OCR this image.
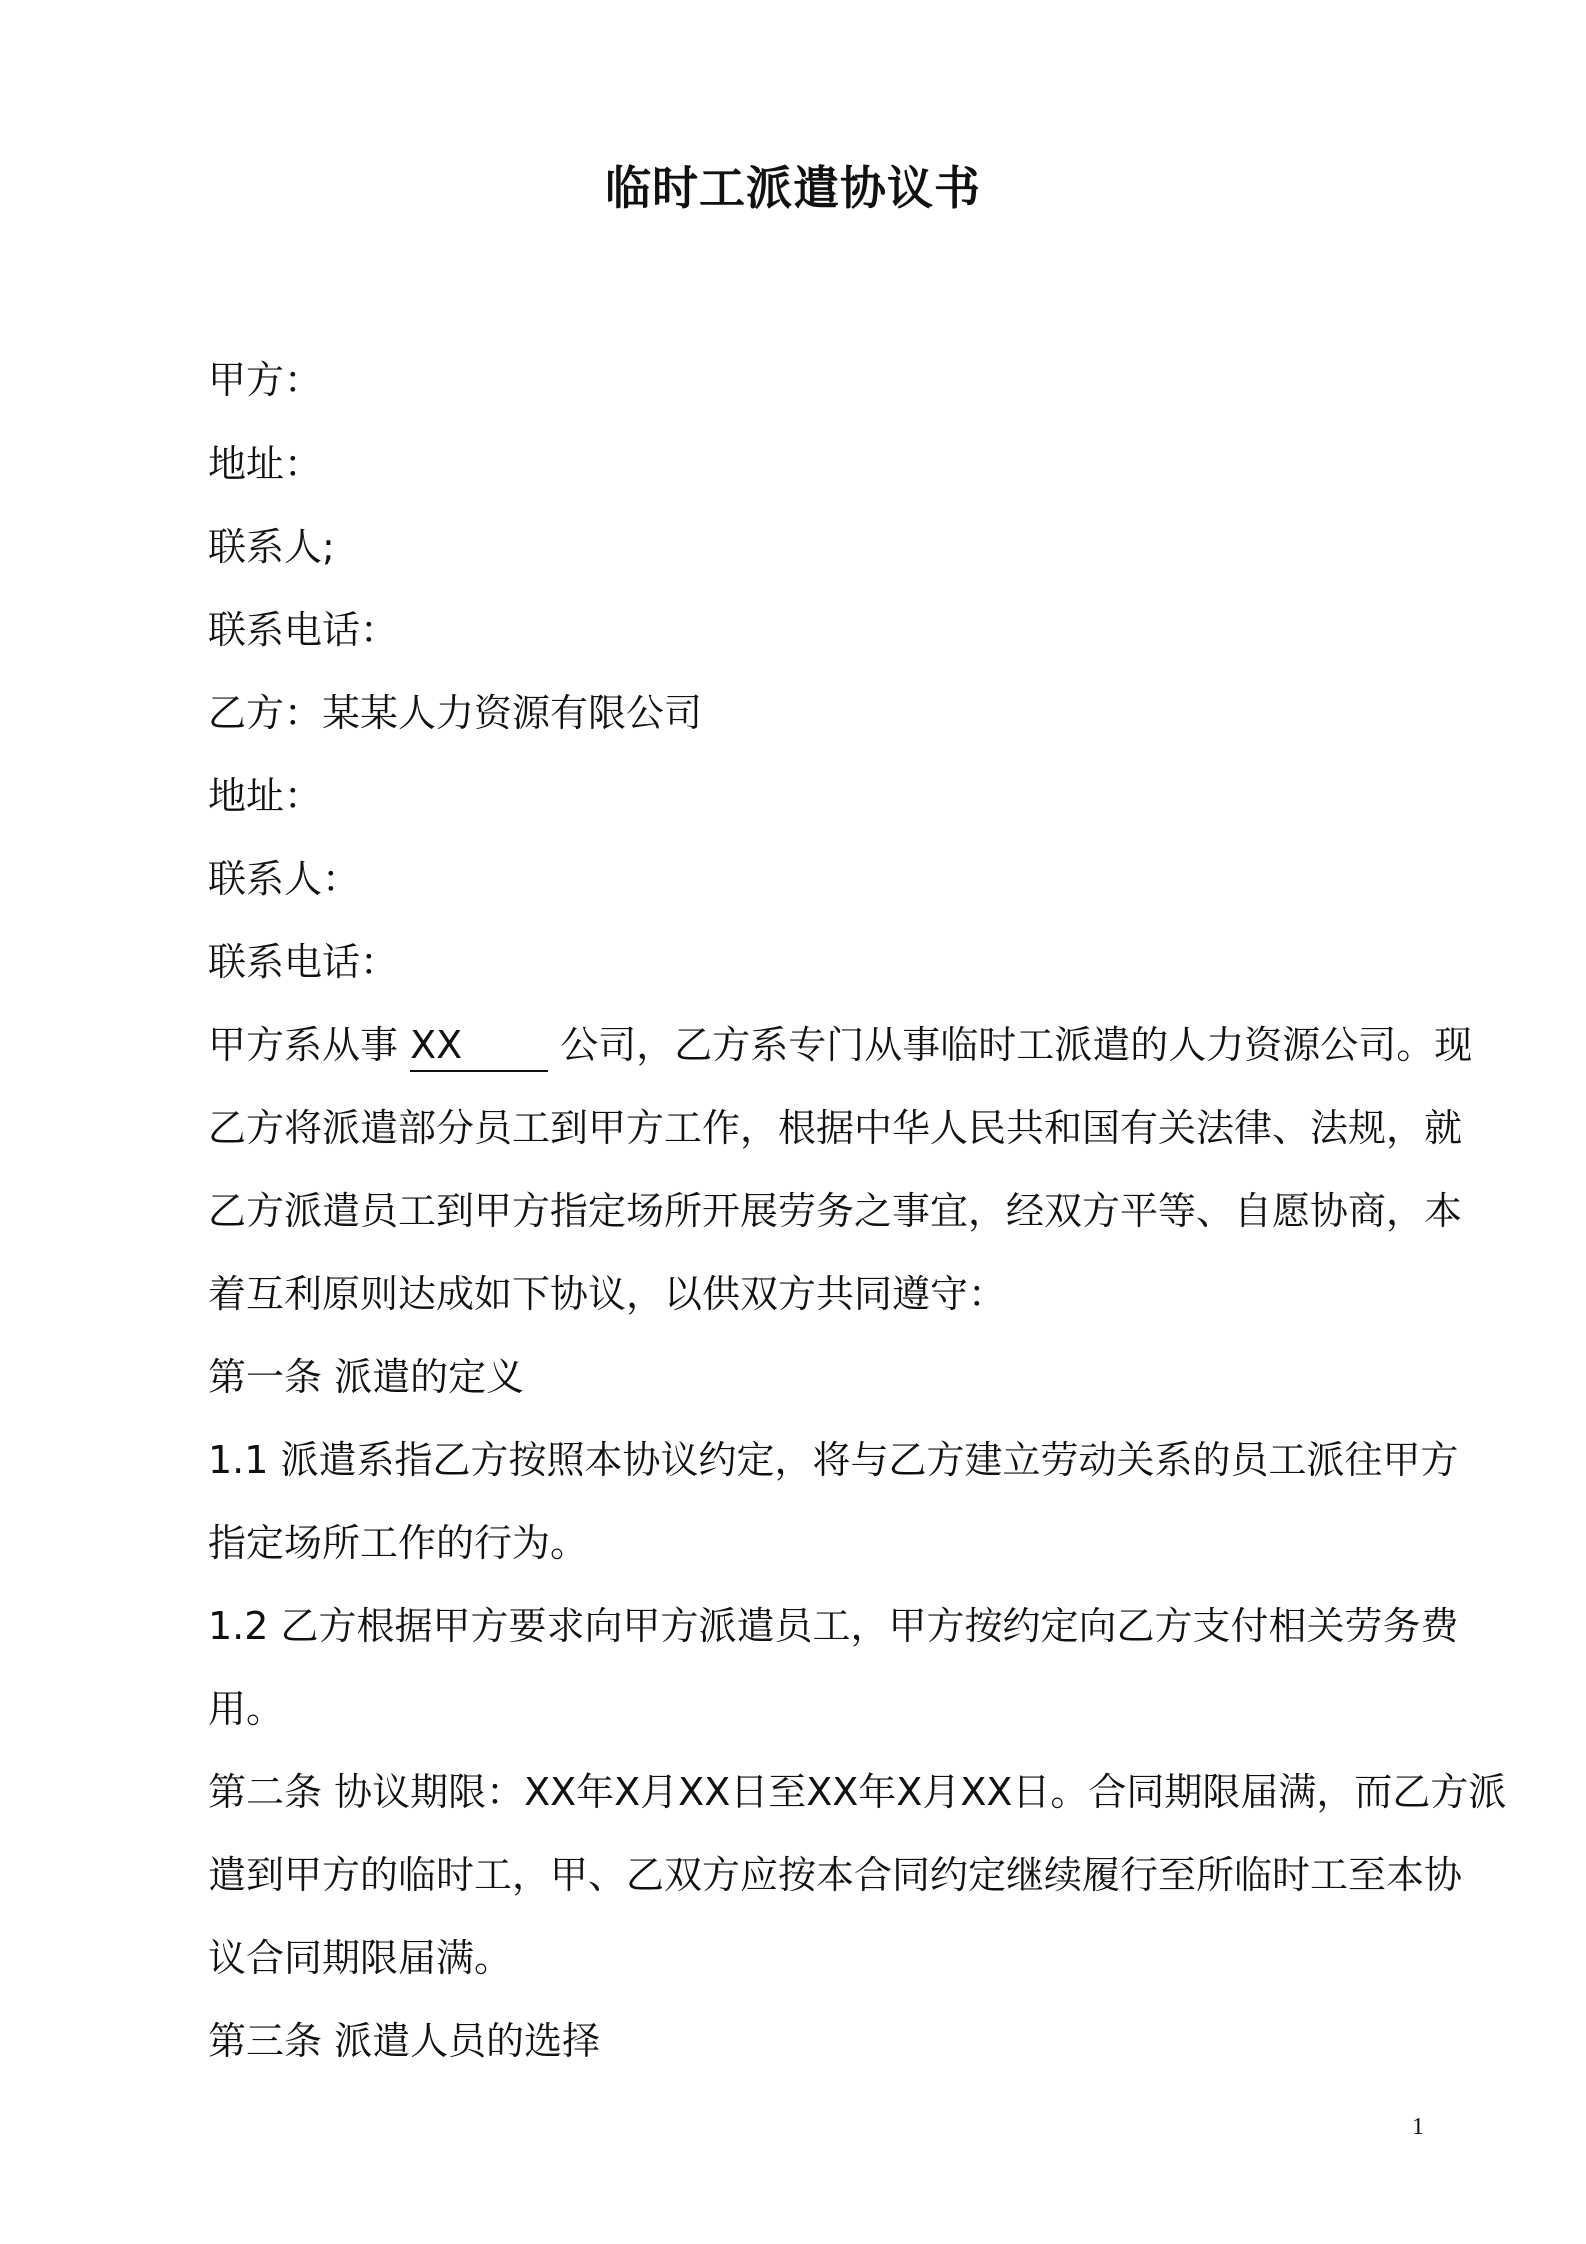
临时工派遣协议书
甲方：
地址：
联系人;
联系电话：
乙方：某某人力资源有限公司
地址：
联系人：
联系电话：
甲方系从事 XX	公司，乙方系专门从事临时工派遣的人力资源公司。现
乙方将派遣部分员工到甲方工作，根据中华人民共和国有关法律、法规，就
乙方派遣员工到甲方指定场所开展劳务之事宜，经双方平等、自愿协商，本
着互利原则达成如下协议，以供双方共同遵守：
第一条 派遣的定义
1.1 派遣系指乙方按照本协议约定，将与乙方建立劳动关系的员工派往甲方
指定场所工作的行为。
1.2 乙方根据甲方要求向甲方派遣员工，甲方按约定向乙方支付相关劳务费
用。
第二条 协议期限：XX年X月XX日至XX年X月XX日。合同期限届满，而乙方派
遣到甲方的临时工，甲、乙双方应按本合同约定继续履行至所临时工至本协
议合同期限届满。
第三条 派遣人员的选择
1
